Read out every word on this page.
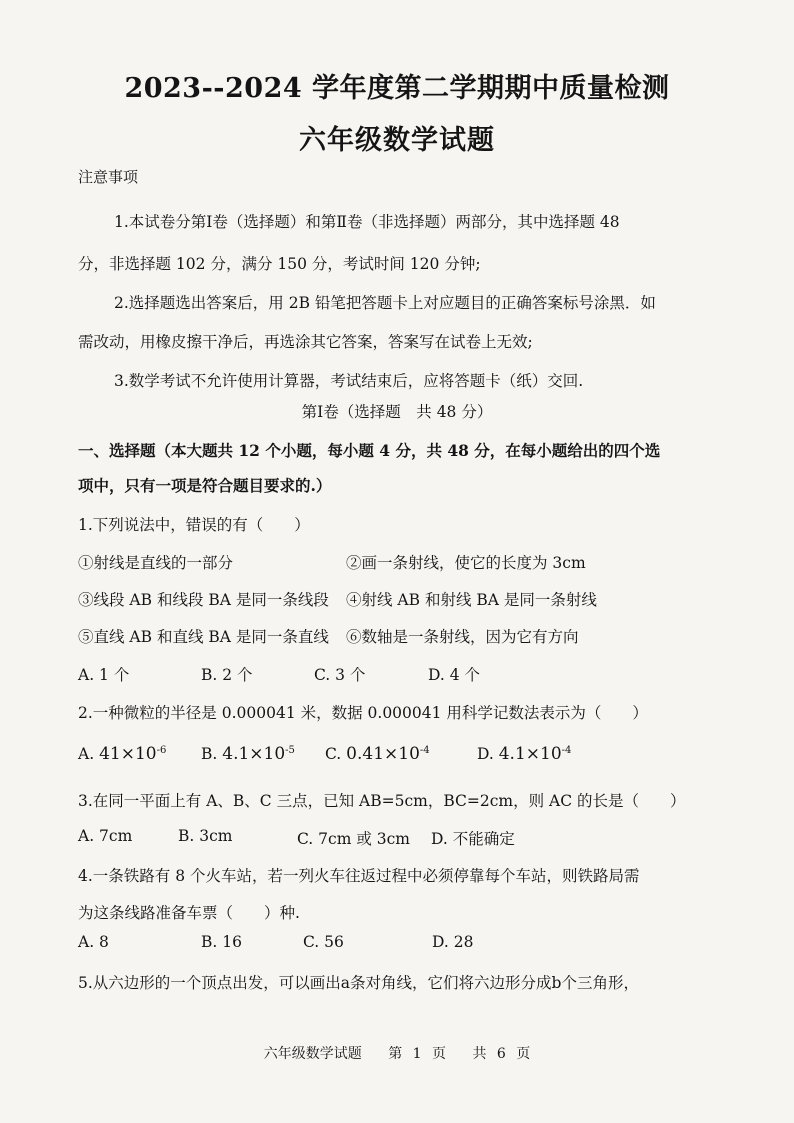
2023--2024 学年度第二学期期中质量检测
六年级数学试题
注意事项
1.本试卷分第Ⅰ卷（选择题）和第Ⅱ卷（非选择题）两部分，其中选择题 48
分，非选择题 102 分，满分 150 分，考试时间 120 分钟;
2.选择题选出答案后，用 2B 铅笔把答题卡上对应题目的正确答案标号涂黑．如
需改动，用橡皮擦干净后，再选涂其它答案，答案写在试卷上无效;
3.数学考试不允许使用计算器，考试结束后，应将答题卡（纸）交回.
第Ⅰ卷（选择题　共 48 分）
一、选择题（本大题共 12 个小题，每小题 4 分，共 48 分，在每小题给出的四个选
项中，只有一项是符合题目要求的.）
1.下列说法中，错误的有（　　）
①射线是直线的一部分	②画一条射线，使它的长度为 3cm
③线段 AB 和线段 BA 是同一条线段 ④射线 AB 和射线 BA 是同一条射线
⑤直线 AB 和直线 BA 是同一条直线 ⑥数轴是一条射线，因为它有方向
A. 1 个	B. 2 个	C. 3 个	D. 4 个
2.一种微粒的半径是 0.000041 米，数据 0.000041 用科学记数法表示为（　　）
A. $41\times 10^{-6}$ B. $4.1\times 10^{-5}$ C. $0.41\times 10^{-4}$	D. $4.1\times 10^{-4}$
3.在同一平面上有 A、B、C 三点，已知 AB=5cm，BC=2cm，则 AC 的长是（　　）
A. 7cm	B. 3cm	C. 7cm 或 3cm D. 不能确定
4.一条铁路有 8 个火车站，若一列火车往返过程中必须停靠每个车站，则铁路局需
为这条线路准备车票（　　）种.
A. 8	B. 16	C. 56	D. 28
5.从六边形的一个顶点出发，可以画出a条对角线，它们将六边形分成b个三角形，
六年级数学试题 第 1 页 共 6 页
